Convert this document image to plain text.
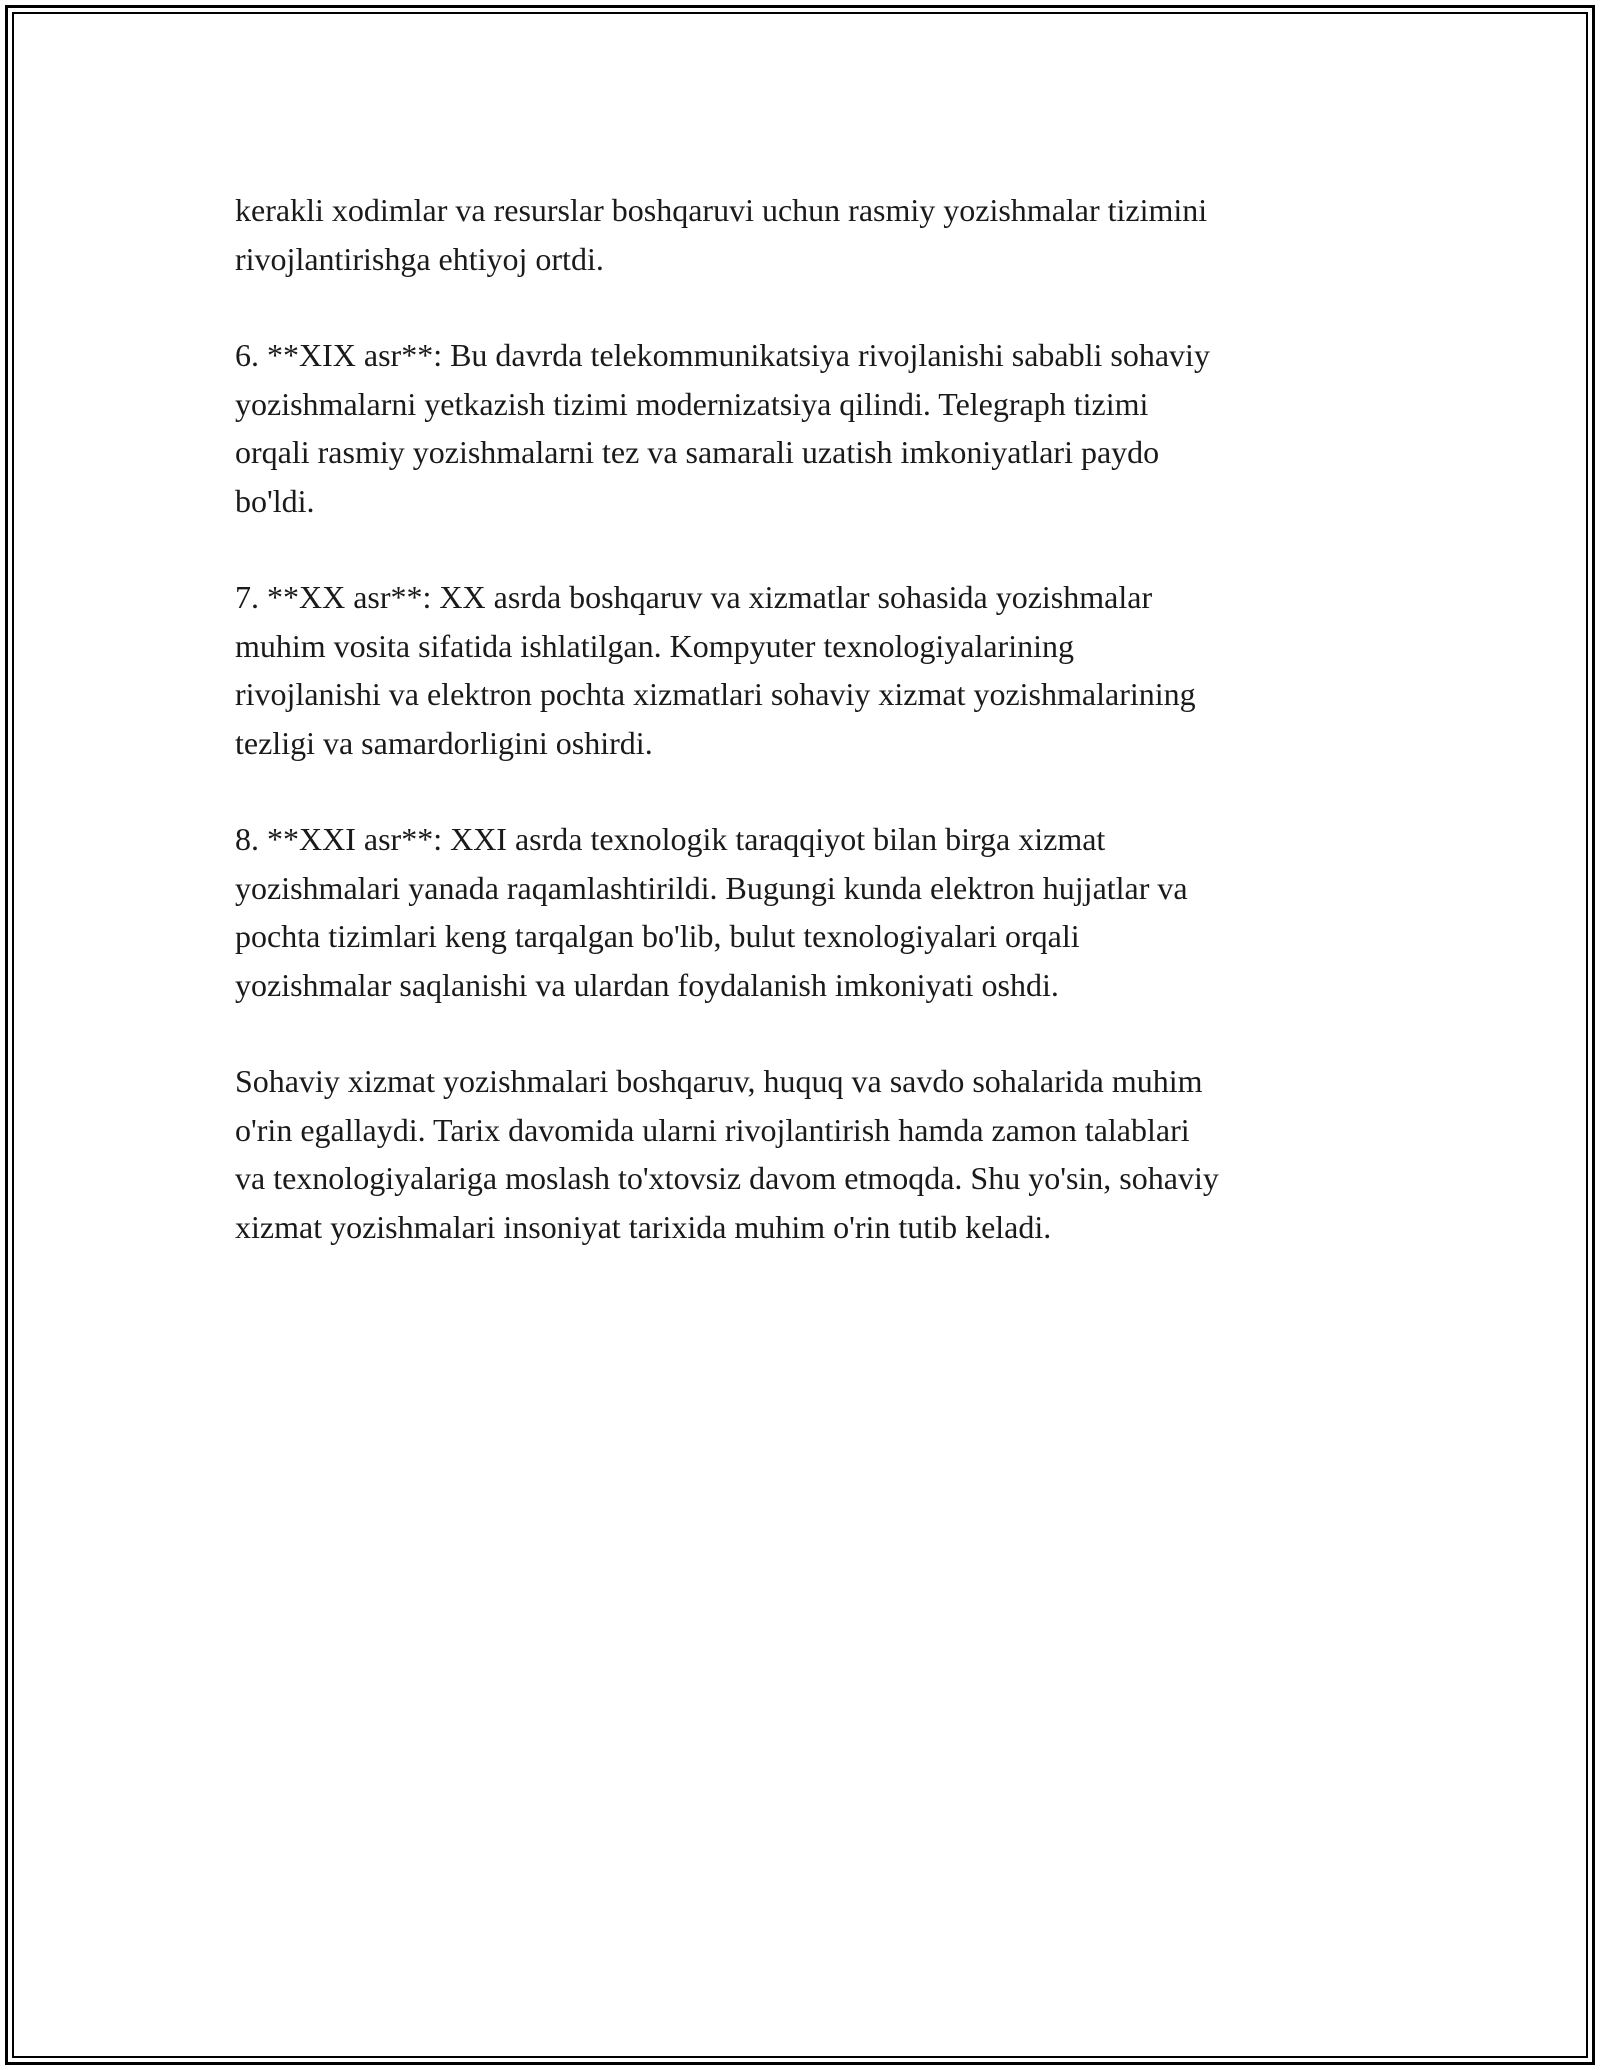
kerakli xodimlar va resurslar boshqaruvi uchun rasmiy yozishmalar tizimini
rivojlantirishga ehtiyoj ortdi.

6. **XIX asr**: Bu davrda telekommunikatsiya rivojlanishi sababli sohaviy
yozishmalarni yetkazish tizimi modernizatsiya qilindi. Telegraph tizimi
orqali rasmiy yozishmalarni tez va samarali uzatish imkoniyatlari paydo
bo'ldi.

7. **XX asr**: XX asrda boshqaruv va xizmatlar sohasida yozishmalar
muhim vosita sifatida ishlatilgan. Kompyuter texnologiyalarining
rivojlanishi va elektron pochta xizmatlari sohaviy xizmat yozishmalarining
tezligi va samardorligini oshirdi.

8. **XXI asr**: XXI asrda texnologik taraqqiyot bilan birga xizmat
yozishmalari yanada raqamlashtirildi. Bugungi kunda elektron hujjatlar va
pochta tizimlari keng tarqalgan bo'lib, bulut texnologiyalari orqali
yozishmalar saqlanishi va ulardan foydalanish imkoniyati oshdi.

Sohaviy xizmat yozishmalari boshqaruv, huquq va savdo sohalarida muhim
o'rin egallaydi. Tarix davomida ularni rivojlantirish hamda zamon talablari
va texnologiyalariga moslash to'xtovsiz davom etmoqda. Shu yo'sin, sohaviy
xizmat yozishmalari insoniyat tarixida muhim o'rin tutib keladi.
